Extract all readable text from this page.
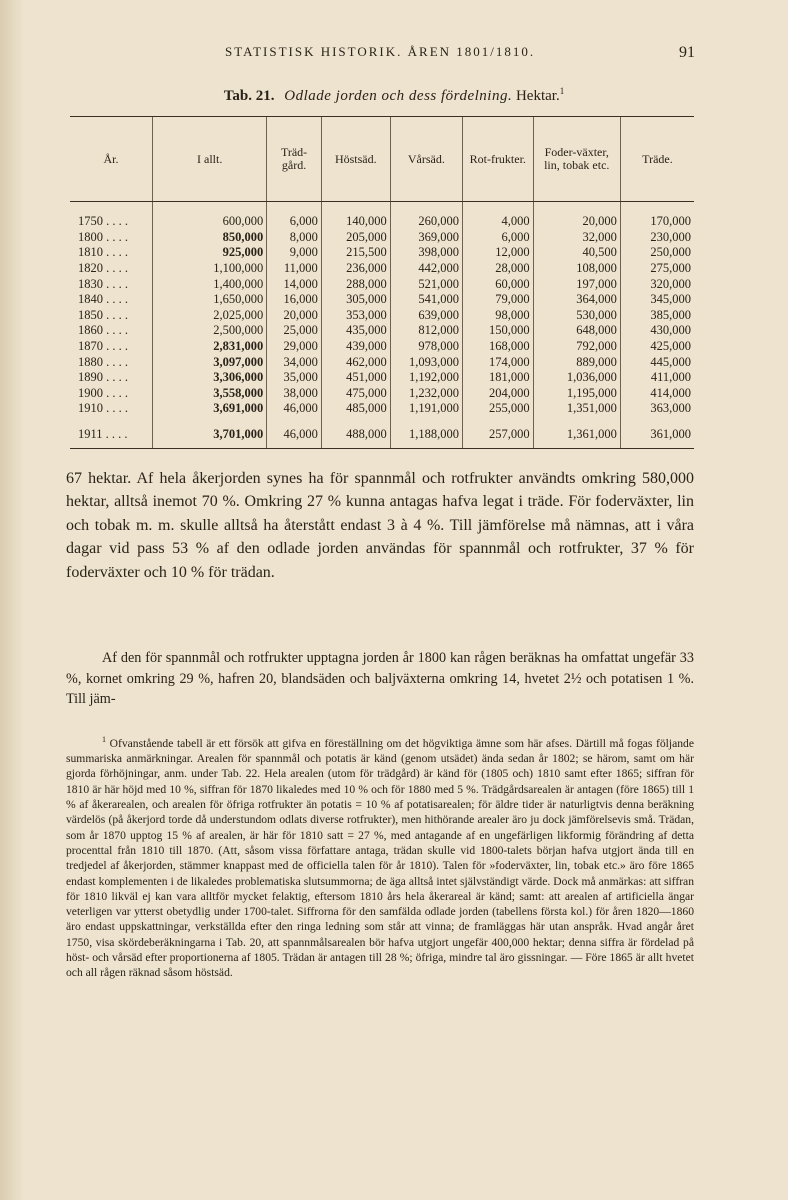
STATISTISK HISTORIK. ÅREN 1801/1810.	91
Tab. 21. Odlade jorden och dess fördelning. Hektar.$^1$
År.	I allt.	Träd-gård.	Höstsäd.	Vårsäd.	Rot-frukter.	Foder-växter, lin, tobak etc.	Träde.
1750 . . . .	600,000	6,000	140,000	260,000	4,000	20,000	170,000
1800 . . . .	850,000	8,000	205,000	369,000	6,000	32,000	230,000
1810 . . . .	925,000	9,000	215,500	398,000	12,000	40,500	250,000
1820 . . . .	1,100,000	11,000	236,000	442,000	28,000	108,000	275,000
1830 . . . .	1,400,000	14,000	288,000	521,000	60,000	197,000	320,000
1840 . . . .	1,650,000	16,000	305,000	541,000	79,000	364,000	345,000
1850 . . . .	2,025,000	20,000	353,000	639,000	98,000	530,000	385,000
1860 . . . .	2,500,000	25,000	435,000	812,000	150,000	648,000	430,000
1870 . . . .	2,831,000	29,000	439,000	978,000	168,000	792,000	425,000
1880 . . . .	3,097,000	34,000	462,000	1,093,000	174,000	889,000	445,000
1890 . . . .	3,306,000	35,000	451,000	1,192,000	181,000	1,036,000	411,000
1900 . . . .	3,558,000	38,000	475,000	1,232,000	204,000	1,195,000	414,000
1910 . . . .	3,691,000	46,000	485,000	1,191,000	255,000	1,351,000	363,000
1911 . . . .	3,701,000	46,000	488,000	1,188,000	257,000	1,361,000	361,000
67 hektar. Af hela åkerjorden synes ha för spannmål och rotfrukter användts omkring 580,000 hektar, alltså inemot 70 %. Omkring 27 % kunna antagas hafva legat i träde. För foderväxter, lin och tobak m. m. skulle alltså ha återstått endast 3 à 4 %. Till jämförelse må nämnas, att i våra dagar vid pass 53 % af den odlade jorden användas för spannmål och rotfrukter, 37 % för foderväxter och 10 % för trädan.
Af den för spannmål och rotfrukter upptagna jorden år 1800 kan rågen beräknas ha omfattat ungefär 33 %, kornet omkring 29 %, hafren 20, blandsäden och baljväxterna omkring 14, hvetet 2½ och potatisen 1 %. Till jäm-
$^1$ Ofvanstående tabell är ett försök att gifva en föreställning om det högviktiga ämne som här afses. Därtill må fogas följande summariska anmärkningar. Arealen för spannmål och potatis är känd (genom utsädet) ända sedan år 1802; se härom, samt om här gjorda förhöjningar, anm. under Tab. 22. Hela arealen (utom för trädgård) är känd för (1805 och) 1810 samt efter 1865; siffran för 1810 är här höjd med 10 %, siffran för 1870 likaledes med 10 % och för 1880 med 5 %. Trädgårdsarealen är antagen (före 1865) till 1 % af åkerarealen, och arealen för öfriga rotfrukter än potatis = 10 % af potatisarealen; för äldre tider är naturligtvis denna beräkning värdelös (på åkerjord torde då understundom odlats diverse rotfrukter), men hithörande arealer äro ju dock jämförelsevis små. Trädan, som år 1870 upptog 15 % af arealen, är här för 1810 satt = 27 %, med antagande af en ungefärligen likformig förändring af detta procenttal från 1810 till 1870. (Att, såsom vissa författare antaga, trädan skulle vid 1800-talets början hafva utgjort ända till en tredjedel af åkerjorden, stämmer knappast med de officiella talen för år 1810). Talen för »foderväxter, lin, tobak etc.» äro före 1865 endast komplementen i de likaledes problematiska slutsummorna; de äga alltså intet självständigt värde. Dock må anmärkas: att siffran för 1810 likväl ej kan vara alltför mycket felaktig, eftersom 1810 års hela åkerareal är känd; samt: att arealen af artificiella ängar veterligen var ytterst obetydlig under 1700-talet. Siffrorna för den samfälda odlade jorden (tabellens första kol.) för åren 1820—1860 äro endast uppskattningar, verkställda efter den ringa ledning som står att vinna; de framläggas här utan anspråk. Hvad angår året 1750, visa skördeberäkningarna i Tab. 20, att spannmålsarealen bör hafva utgjort ungefär 400,000 hektar; denna siffra är fördelad på höst- och vårsäd efter proportionerna af 1805. Trädan är antagen till 28 %; öfriga, mindre tal äro gissningar. — Före 1865 är allt hvetet och all rågen räknad såsom höstsäd.
